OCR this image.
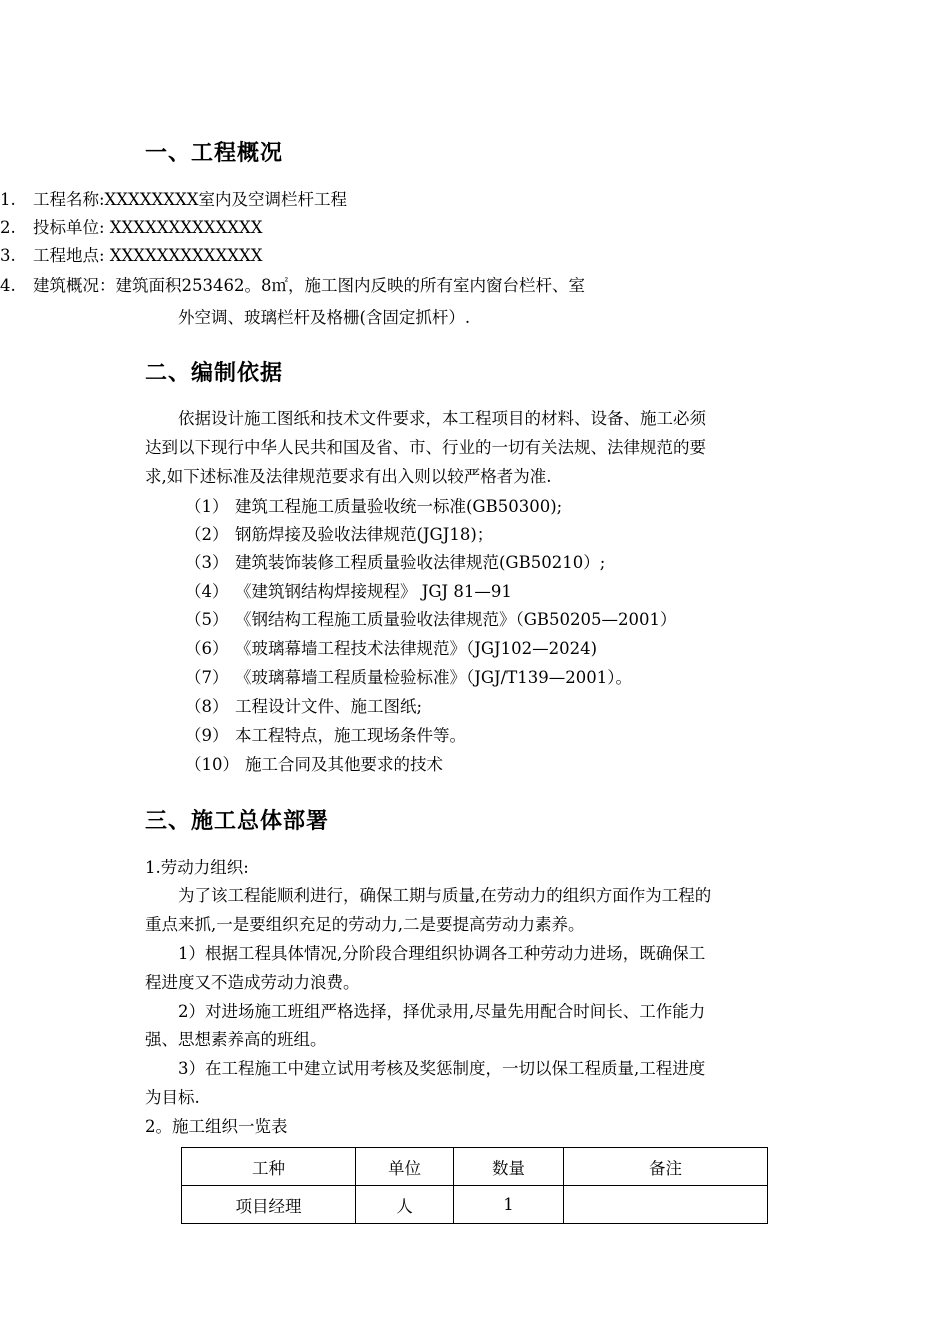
一、工程概况
1. 工程名称:XXXXXXXX室内及空调栏杆工程
2. 投标单位: XXXXXXXXXXXXX
3. 工程地点: XXXXXXXXXXXXX
4. 建筑概况：建筑面积253462。8㎡，施工图内反映的所有室内窗台栏杆、室
外空调、玻璃栏杆及格栅(含固定抓杆）.
二、编制依据
依据设计施工图纸和技术文件要求，本工程项目的材料、设备、施工必须
达到以下现行中华人民共和国及省、市、行业的一切有关法规、法律规范的要
求,如下述标准及法律规范要求有出入则以较严格者为准.
（1） 建筑工程施工质量验收统一标准(GB50300);
（2） 钢筋焊接及验收法律规范(JGJ18)；
（3） 建筑装饰装修工程质量验收法律规范(GB50210）;
（4） 《建筑钢结构焊接规程》 JGJ 81—91
（5） 《钢结构工程施工质量验收法律规范》（GB50205—2001）
（6） 《玻璃幕墙工程技术法律规范》（JGJ102—2024)
（7） 《玻璃幕墙工程质量检验标准》（JGJ/T139—2001）。
（8） 工程设计文件、施工图纸;
（9） 本工程特点，施工现场条件等。
（10） 施工合同及其他要求的技术
三、施工总体部署
1.劳动力组织:
为了该工程能顺利进行，确保工期与质量,在劳动力的组织方面作为工程的
重点来抓,一是要组织充足的劳动力,二是要提高劳动力素养。
1）根据工程具体情况,分阶段合理组织协调各工种劳动力进场，既确保工
程进度又不造成劳动力浪费。
2）对进场施工班组严格选择，择优录用,尽量先用配合时间长、工作能力
强、思想素养高的班组。
3）在工程施工中建立试用考核及奖惩制度，一切以保工程质量,工程进度
为目标.
2。施工组织一览表
工种	单位	数量	备注
项目经理	人	1	
